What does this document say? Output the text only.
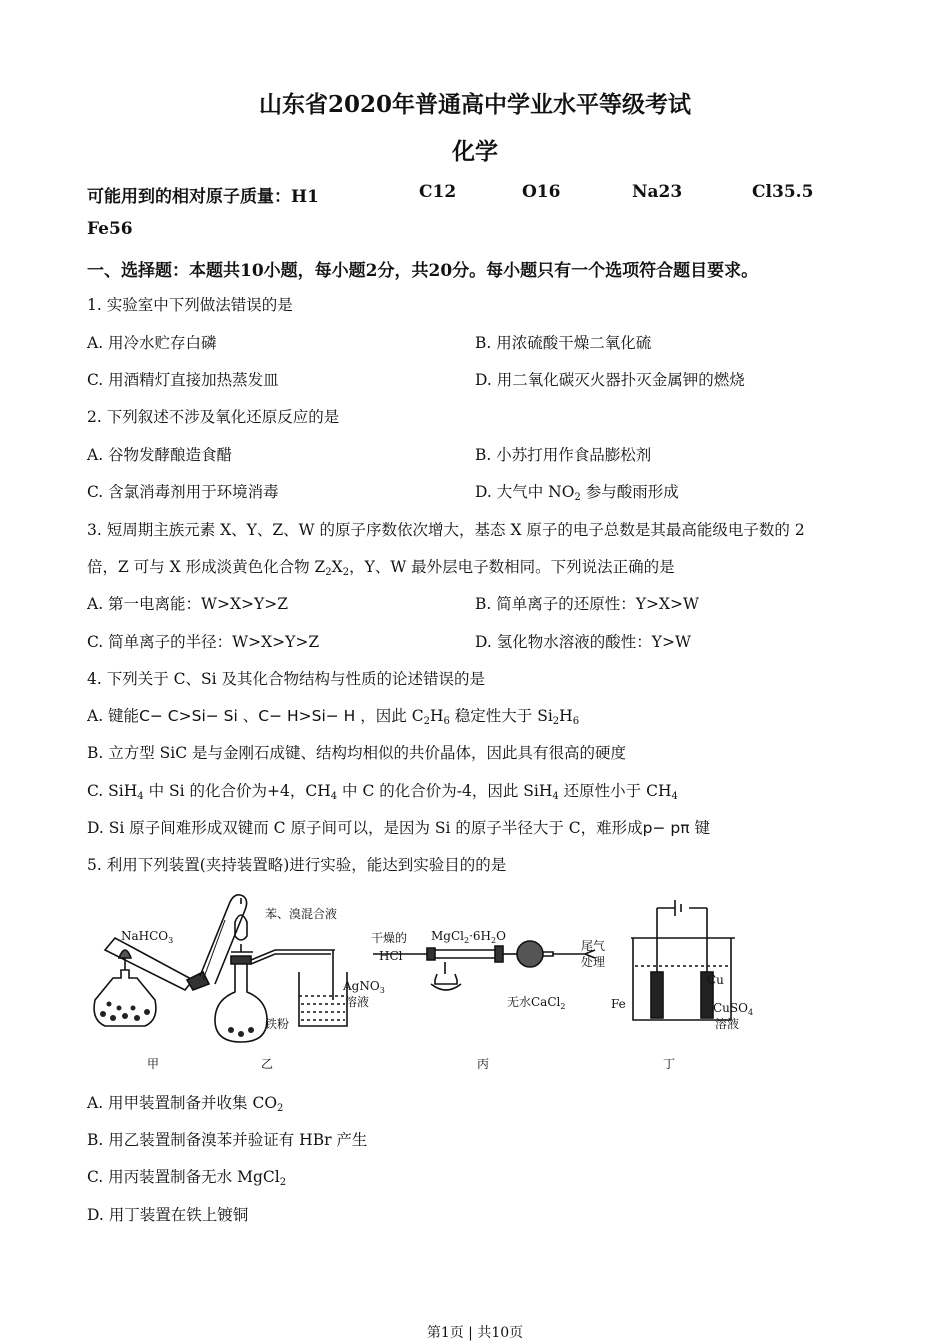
山东省2020年普通高中学业水平等级考试
化学
可能用到的相对原子质量：H1	C12	O16	Na23	Cl35.5
Fe56
一、选择题：本题共10小题，每小题2分，共20分。每小题只有一个选项符合题目要求。
1. 实验室中下列做法错误的是
A. 用冷水贮存白磷	B. 用浓硫酸干燥二氧化硫
C. 用酒精灯直接加热蒸发皿	D. 用二氧化碳灭火器扑灭金属钾的燃烧
2. 下列叙述不涉及氧化还原反应的是
A. 谷物发酵酿造食醋	B. 小苏打用作食品膨松剂
C. 含氯消毒剂用于环境消毒	D. 大气中 $NO_2$ 参与酸雨形成
3. 短周期主族元素 X、Y、Z、W 的原子序数依次增大，基态 X 原子的电子总数是其最高能级电子数的 2
倍，Z 可与 X 形成淡黄色化合物 $Z_2X_2$，Y、W 最外层电子数相同。下列说法正确的是
A. 第一电离能：W>X>Y>Z	B. 简单离子的还原性：Y>X>W
C. 简单离子的半径：W>X>Y>Z	D. 氢化物水溶液的酸性：Y>W
4. 下列关于 C、Si 及其化合物结构与性质的论述错误的是
A. 键能C− C>Si− Si 、C− H>Si− H ，因此 $C_2H_6$ 稳定性大于 $Si_2H_6$
B. 立方型 SiC 是与金刚石成键、结构均相似的共价晶体，因此具有很高的硬度
C. SiH$_4$ 中 Si 的化合价为+4，$CH_4$ 中 C 的化合价为-4，因此 SiH$_4$ 还原性小于 $CH_4$
D. Si 原子间难形成双键而 C 原子间可以，是因为 Si 的原子半径大于 C，难形成p− pπ 键
5. 利用下列装置(夹持装置略)进行实验，能达到实验目的的是
NaHCO$_3$
苯、溴混合液
铁粉
AgNO$_3$
溶液
干燥的
HCl
$MgCl_2\cdot 6H_2O$
无水CaCl$_2$
尾气
处理
Cu
Fe	CuSO$_4$
溶液
甲	乙	丙	丁
A. 用甲装置制备并收集 $CO_2$
B. 用乙装置制备溴苯并验证有 HBr 产生
C. 用丙装置制备无水 MgCl$_2$
D. 用丁装置在铁上镀铜
第1页 | 共10页
